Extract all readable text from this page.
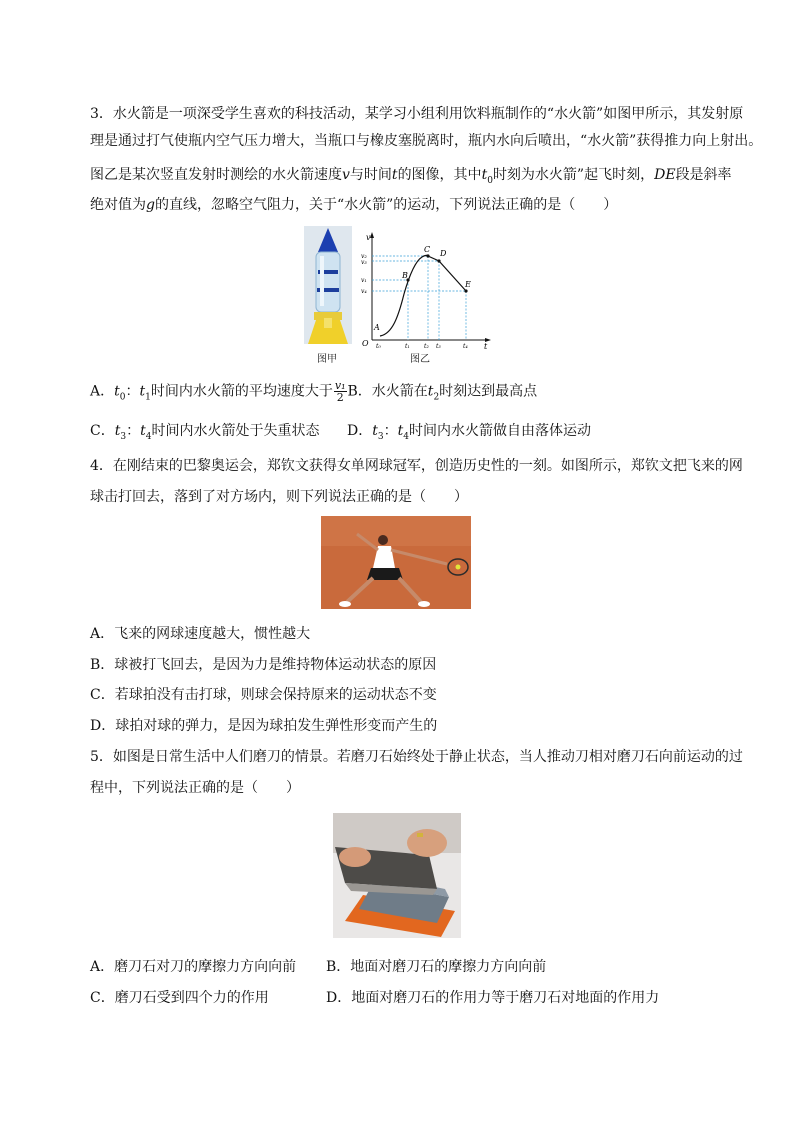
3．水火箭是一项深受学生喜欢的科技活动，某学习小组利用饮料瓶制作的“水火箭”如图甲所示，其发射原
理是通过打气使瓶内空气压力增大，当瓶口与橡皮塞脱离时，瓶内水向后喷出，“水火箭”获得推力向上射出。
图乙是某次竖直发射时测绘的水火箭速度v与时间t的图像，其中$t_0$时刻为水火箭”起飞时刻，DE段是斜率
绝对值为g的直线，忽略空气阻力，关于“水火箭”的运动，下列说法正确的是（　　）
图甲
A
B
C D
E
v
t
O
v₂
v₃
v₁
v₄
t₀	t₁ t₂ t₃	t₄
图乙
A．$t_0$：$t_1$时间内水火箭的平均速度大于 $\frac{\text{v₁}}{2}$ B．水火箭在$t_2$时刻达到最高点
C．$t_3$：$t_4$时间内水火箭处于失重状态 D．$t_3$：$t_4$时间内水火箭做自由落体运动
4．在刚结束的巴黎奥运会，郑钦文获得女单网球冠军，创造历史性的一刻。如图所示，郑钦文把飞来的网
球击打回去，落到了对方场内，则下列说法正确的是（　　）
A．飞来的网球速度越大，惯性越大
B．球被打飞回去，是因为力是维持物体运动状态的原因
C．若球拍没有击打球，则球会保持原来的运动状态不变
D．球拍对球的弹力，是因为球拍发生弹性形变而产生的
5．如图是日常生活中人们磨刀的情景。若磨刀石始终处于静止状态，当人推动刀相对磨刀石向前运动的过
程中，下列说法正确的是（　　）
A．磨刀石对刀的摩擦力方向向前 B．地面对磨刀石的摩擦力方向向前
C．磨刀石受到四个力的作用	D．地面对磨刀石的作用力等于磨刀石对地面的作用力
